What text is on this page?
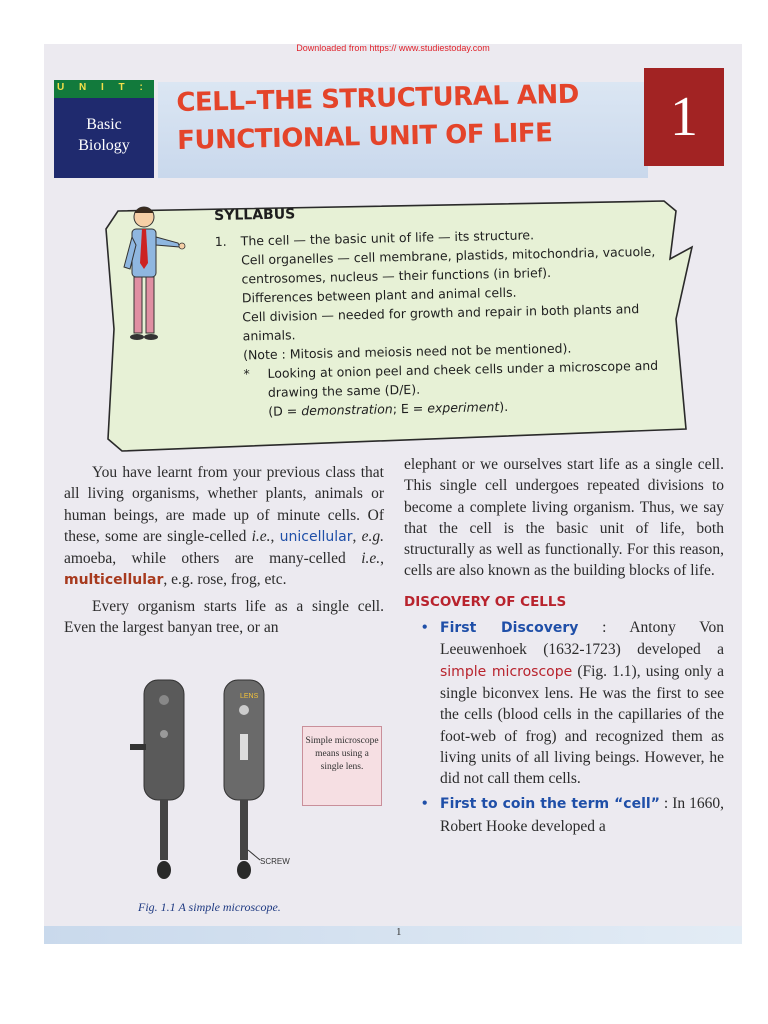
Downloaded from https:// www.studiestoday.com
U N I T :
Basic
Biology
CELL–THE STRUCTURAL AND
FUNCTIONAL UNIT OF LIFE	1
SYLLABUS
1.	The cell — the basic unit of life — its structure.
Cell organelles — cell membrane, plastids, mitochondria, vacuole, centrosomes, nucleus — their functions (in brief).
Differences between plant and animal cells.
Cell division — needed for growth and repair in both plants and animals.
(Note : Mitosis and meiosis need not be mentioned).
*	Looking at onion peel and cheek cells under a microscope and drawing the same (D/E).
(D = demonstration; E = experiment).

You have learnt from your previous class that all living organisms, whether plants, animals or human beings, are made up of minute cells. Of these, some are single-celled i.e., unicellular, e.g. amoeba, while others are many-celled i.e., multicellular, e.g. rose, frog, etc.

Every organism starts life as a single cell. Even the largest banyan tree, or an

elephant or we ourselves start life as a single cell. This single cell undergoes repeated divisions to become a complete living organism. Thus, we say that the cell is the basic unit of life, both structurally as well as functionally. For this reason, cells are also known as the building blocks of life.

DISCOVERY OF CELLS
• First Discovery : Antony Von Leeuwenhoek (1632-1723) developed a simple microscope (Fig. 1.1), using only a single biconvex lens. He was the first to see the cells (blood cells in the capillaries of the foot-web of frog) and recognized them as living units of all living beings. However, he did not call them cells.
• First to coin the term “cell” : In 1660, Robert Hooke developed a
LENS
SCREW
Simple microscope means using a single lens.
Fig. 1.1 A simple microscope.
1
